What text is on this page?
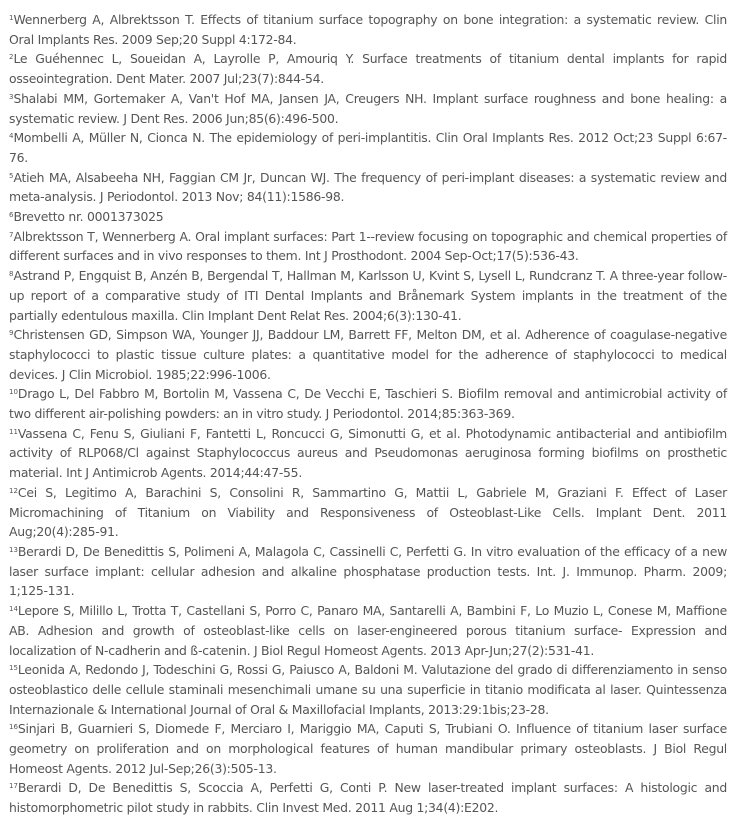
$^1$Wennerberg A, Albrektsson T. Effects of titanium surface topography on bone integration: a systematic review. Clin Oral Implants Res. 2009 Sep;20 Suppl 4:172-84.
$^2$Le Guéhennec L, Soueidan A, Layrolle P, Amouriq Y. Surface treatments of titanium dental implants for rapid osseointegration. Dent Mater. 2007 Jul;23(7):844-54.
$^3$Shalabi MM, Gortemaker A, Van't Hof MA, Jansen JA, Creugers NH. Implant surface roughness and bone healing: a systematic review. J Dent Res. 2006 Jun;85(6):496-500.
$^4$Mombelli A, Müller N, Cionca N. The epidemiology of peri-implantitis. Clin Oral Implants Res. 2012 Oct;23 Suppl 6:67-76.
$^5$Atieh MA, Alsabeeha NH, Faggian CM Jr, Duncan WJ. The frequency of peri-implant diseases: a systematic review and meta-analysis. J Periodontol. 2013 Nov; 84(11):1586-98.
$^6$Brevetto nr. 0001373025
$^7$Albrektsson T, Wennerberg A. Oral implant surfaces: Part 1--review focusing on topographic and chemical properties of different surfaces and in vivo responses to them. Int J Prosthodont. 2004 Sep-Oct;17(5):536-43.
$^8$Astrand P, Engquist B, Anzén B, Bergendal T, Hallman M, Karlsson U, Kvint S, Lysell L, Rundcranz T. A three-year follow-up report of a comparative study of ITI Dental Implants and Brånemark System implants in the treatment of the partially edentulous maxilla. Clin Implant Dent Relat Res. 2004;6(3):130-41.
$^9$Christensen GD, Simpson WA, Younger JJ, Baddour LM, Barrett FF, Melton DM, et al. Adherence of coagulase-negative staphylococci to plastic tissue culture plates: a quantitative model for the adherence of staphylococci to medical devices. J Clin Microbiol. 1985;22:996-1006.
$^{10}$Drago L, Del Fabbro M, Bortolin M, Vassena C, De Vecchi E, Taschieri S. Biofilm removal and antimicrobial activity of two different air-polishing powders: an in vitro study. J Periodontol. 2014;85:363-369.
$^{11}$Vassena C, Fenu S, Giuliani F, Fantetti L, Roncucci G, Simonutti G, et al. Photodynamic antibacterial and antibiofilm activity of RLP068/Cl against Staphylococcus aureus and Pseudomonas aeruginosa forming biofilms on prosthetic material. Int J Antimicrob Agents. 2014;44:47-55.
$^{12}$Cei S, Legitimo A, Barachini S, Consolini R, Sammartino G, Mattii L, Gabriele M, Graziani F. Effect of Laser Micromachining of Titanium on Viability and Responsiveness of Osteoblast-Like Cells. Implant Dent. 2011 Aug;20(4):285-91.
$^{13}$Berardi D, De Benedittis S, Polimeni A, Malagola C, Cassinelli C, Perfetti G. In vitro evaluation of the efficacy of a new laser surface implant: cellular adhesion and alkaline phosphatase production tests. Int. J. Immunop. Pharm. 2009; 1;125-131.
$^{14}$Lepore S, Milillo L, Trotta T, Castellani S, Porro C, Panaro MA, Santarelli A, Bambini F, Lo Muzio L, Conese M, Maffione AB. Adhesion and growth of osteoblast-like cells on laser-engineered porous titanium surface- Expression and localization of N-cadherin and ß-catenin. J Biol Regul Homeost Agents. 2013 Apr-Jun;27(2):531-41.
$^{15}$Leonida A, Redondo J, Todeschini G, Rossi G, Paiusco A, Baldoni M. Valutazione del grado di differenziamento in senso osteoblastico delle cellule staminali mesenchimali umane su una superficie in titanio modificata al laser. Quintessenza Internazionale & International Journal of Oral & Maxillofacial Implants, 2013:29:1bis;23-28.
$^{16}$Sinjari B, Guarnieri S, Diomede F, Merciaro I, Mariggio MA, Caputi S, Trubiani O. Influence of titanium laser surface geometry on proliferation and on morphological features of human mandibular primary osteoblasts. J Biol Regul Homeost Agents. 2012 Jul-Sep;26(3):505-13.
$^{17}$Berardi D, De Benedittis S, Scoccia A, Perfetti G, Conti P. New laser-treated implant surfaces: A histologic and histomorphometric pilot study in rabbits. Clin Invest Med. 2011 Aug 1;34(4):E202.
